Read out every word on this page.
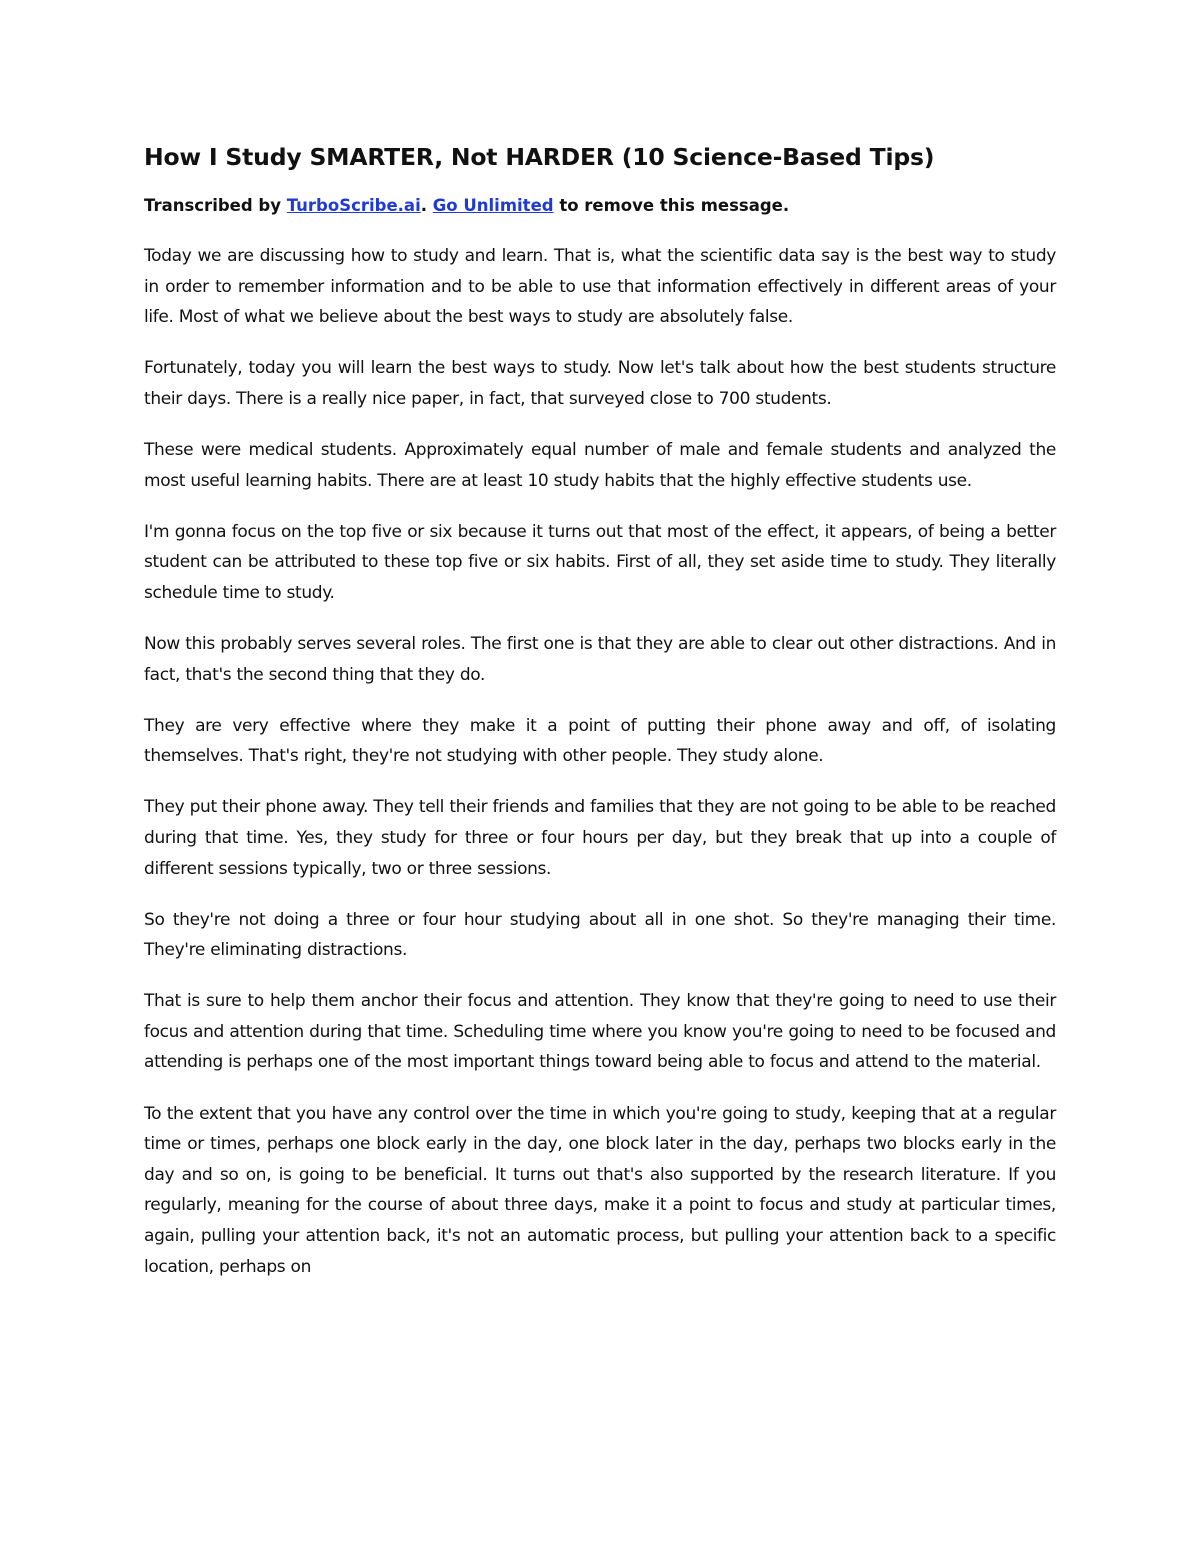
How I Study SMARTER, Not HARDER (10 Science-Based Tips)

Transcribed by TurboScribe.ai. Go Unlimited to remove this message.

Today we are discussing how to study and learn. That is, what the scientific data say is the best way to study in order to remember information and to be able to use that information effectively in different areas of your life. Most of what we believe about the best ways to study are absolutely false.

Fortunately, today you will learn the best ways to study. Now let's talk about how the best students structure their days. There is a really nice paper, in fact, that surveyed close to 700 students.

These were medical students. Approximately equal number of male and female students and analyzed the most useful learning habits. There are at least 10 study habits that the highly effective students use.

I'm gonna focus on the top five or six because it turns out that most of the effect, it appears, of being a better student can be attributed to these top five or six habits. First of all, they set aside time to study. They literally schedule time to study.

Now this probably serves several roles. The first one is that they are able to clear out other distractions. And in fact, that's the second thing that they do.

They are very effective where they make it a point of putting their phone away and off, of isolating themselves. That's right, they're not studying with other people. They study alone.

They put their phone away. They tell their friends and families that they are not going to be able to be reached during that time. Yes, they study for three or four hours per day, but they break that up into a couple of different sessions typically, two or three sessions.

So they're not doing a three or four hour studying about all in one shot. So they're managing their time. They're eliminating distractions.

That is sure to help them anchor their focus and attention. They know that they're going to need to use their focus and attention during that time. Scheduling time where you know you're going to need to be focused and attending is perhaps one of the most important things toward being able to focus and attend to the material.

To the extent that you have any control over the time in which you're going to study, keeping that at a regular time or times, perhaps one block early in the day, one block later in the day, perhaps two blocks early in the day and so on, is going to be beneficial. It turns out that's also supported by the research literature. If you regularly, meaning for the course of about three days, make it a point to focus and study at particular times, again, pulling your attention back, it's not an automatic process, but pulling your attention back to a specific location, perhaps on
